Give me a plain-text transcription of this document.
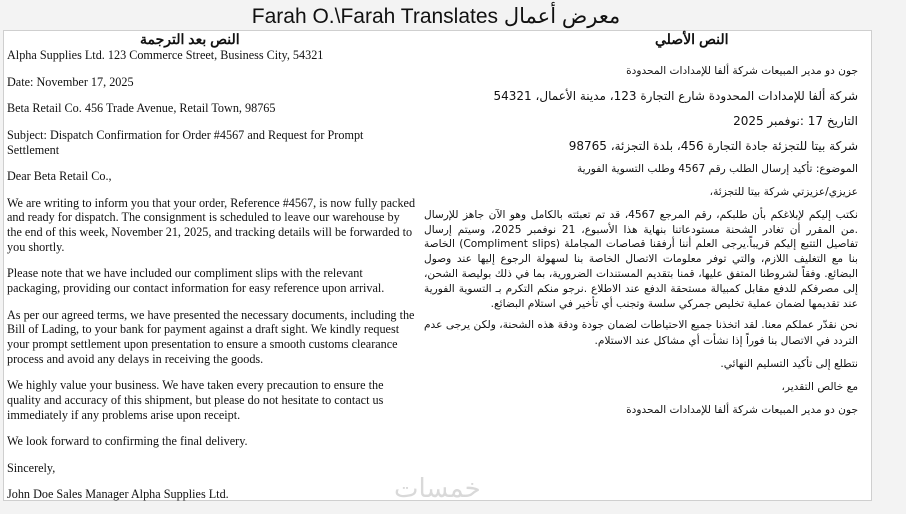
Farah O.\Farah Translates معرض أعمال
النص بعد الترجمة	النص الأصلي

Alpha Supplies Ltd. 123 Commerce Street, Business City, 54321

Date: November 17, 2025

Beta Retail Co. 456 Trade Avenue, Retail Town, 98765

Subject: Dispatch Confirmation for Order #4567 and Request for Prompt Settlement

Dear Beta Retail Co.,

We are writing to inform you that your order, Reference #4567, is now fully packed and ready for dispatch. The consignment is scheduled to leave our warehouse by the end of this week, November 21, 2025, and tracking details will be forwarded to you shortly.

Please note that we have included our compliment slips with the relevant packaging, providing our contact information for easy reference upon arrival.

As per our agreed terms, we have presented the necessary documents, including the Bill of Lading, to your bank for payment against a draft sight. We kindly request your prompt settlement upon presentation to ensure a smooth customs clearance process and avoid any delays in receiving the goods.

We highly value your business. We have taken every precaution to ensure the quality and accuracy of this shipment, but please do not hesitate to contact us immediately if any problems arise upon receipt.

We look forward to confirming the final delivery.

Sincerely,

John Doe Sales Manager Alpha Supplies Ltd.

جون دو مدير المبيعات شركة ألفا للإمدادات المحدودة

شركة ألفا للإمدادات المحدودة شارع التجارة 123، مدينة الأعمال، 54321

التاريخ 17 :نوفمبر 2025

شركة بيتا للتجزئة جادة التجارة 456، بلدة التجزئة، 98765

الموضوع: تأكيد إرسال الطلب رقم 4567 وطلب التسوية الفورية

عزيزي/عزيزتي شركة بيتا للتجزئة،

نكتب إليكم لإبلاغكم بأن طلبكم، رقم المرجع 4567، قد تم تعبئته بالكامل وهو الآن جاهز للإرسال .من المقرر أن تغادر الشحنة مستودعاتنا بنهاية هذا الأسبوع، 21 نوفمبر 2025، وسيتم إرسال تفاصيل التتبع إليكم قريباً.يرجى العلم أننا أرفقنا قصاصات المجاملة (Compliment slips) الخاصة بنا مع التغليف اللازم، والتي توفر معلومات الاتصال الخاصة بنا لسهولة الرجوع إليها عند وصول البضائع. وفقاً لشروطنا المتفق عليها، قمنا بتقديم المستندات الضرورية، بما في ذلك بوليصة الشحن، إلى مصرفكم للدفع مقابل كمبيالة مستحقة الدفع عند الاطلاع .نرجو منكم التكرم بـ التسوية الفورية عند تقديمها لضمان عملية تخليص جمركي سلسة وتجنب أي تأخير في استلام البضائع.

نحن نقدّر عملكم معنا. لقد اتخذنا جميع الاحتياطات لضمان جودة ودقة هذه الشحنة، ولكن يرجى عدم التردد في الاتصال بنا فوراً إذا نشأت أي مشاكل عند الاستلام.

نتطلع إلى تأكيد التسليم النهائي.

مع خالص التقدير،

جون دو مدير المبيعات شركة ألفا للإمدادات المحدودة

خمسات
